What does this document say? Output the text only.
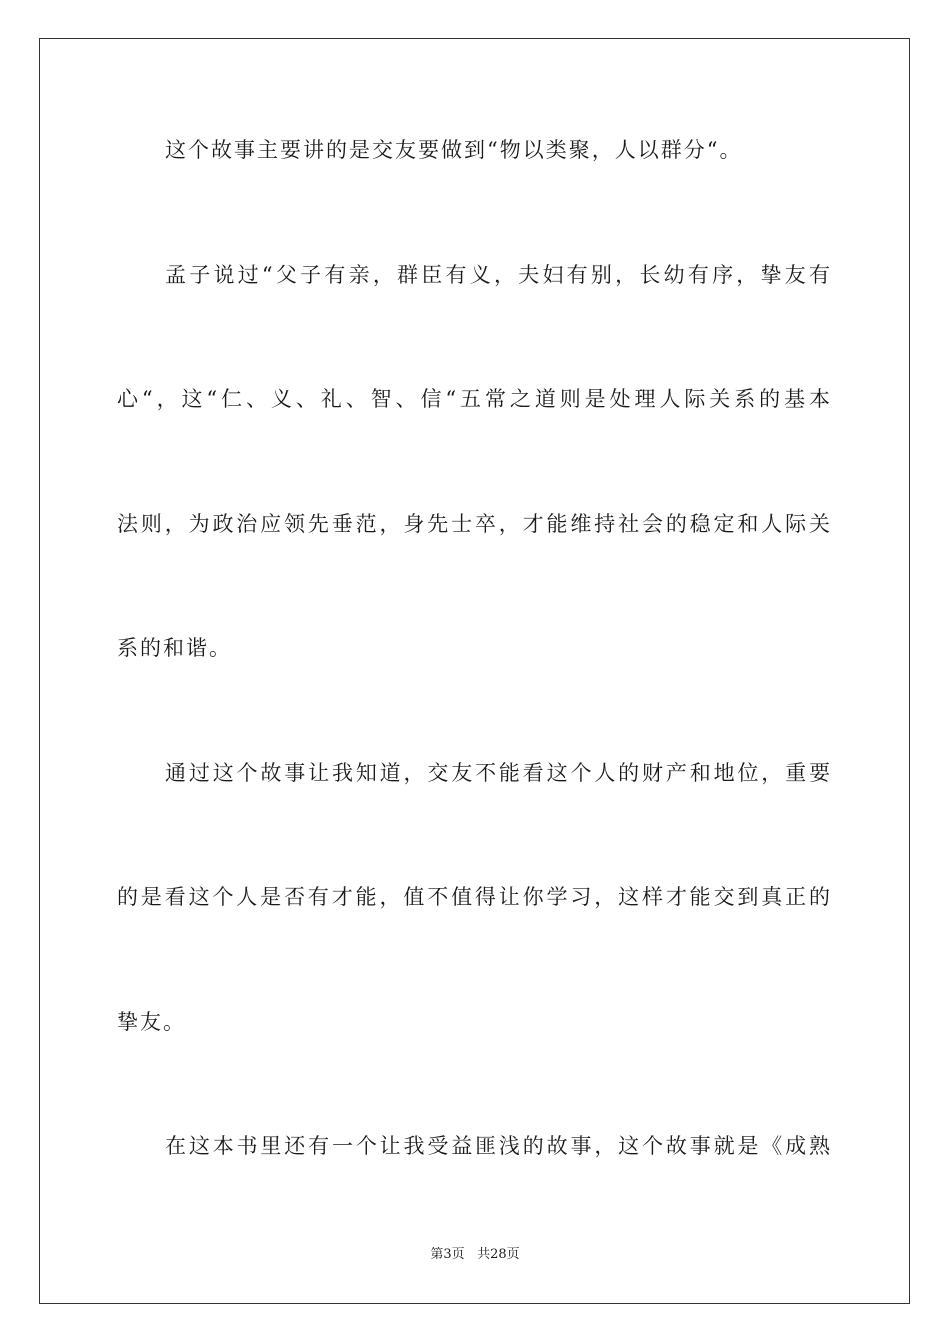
这个故事主要讲的是交友要做到“物以类聚，人以群分“。
孟子说过“父子有亲，群臣有义，夫妇有别，长幼有序，挚友有
心“，这“仁、义、礼、智、信“五常之道则是处理人际关系的基本
法则，为政治应领先垂范，身先士卒，才能维持社会的稳定和人际关
系的和谐。
通过这个故事让我知道，交友不能看这个人的财产和地位，重要
的是看这个人是否有才能，值不值得让你学习，这样才能交到真正的
挚友。
在这本书里还有一个让我受益匪浅的故事，这个故事就是《成熟
第3页 共28页
